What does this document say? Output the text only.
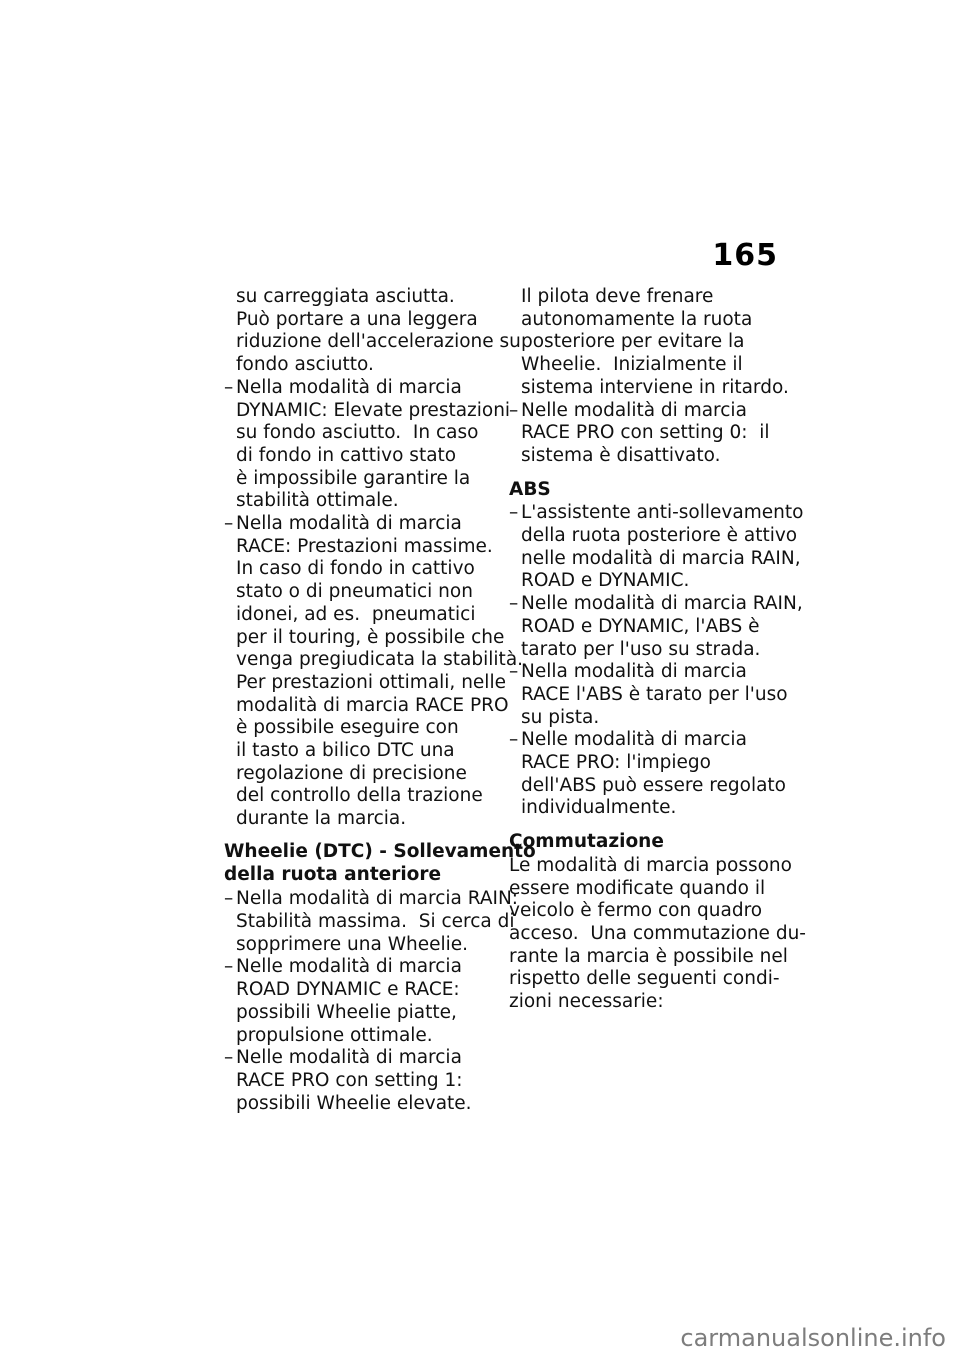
165
su carreggiata asciutta.
Può portare a una leggera
riduzione dell'accelerazione su
fondo asciutto.
– Nella modalità di marcia
DYNAMIC: Elevate prestazioni
su fondo asciutto.  In caso
di fondo in cattivo stato
è impossibile garantire la
stabilità ottimale.
– Nella modalità di marcia
RACE: Prestazioni massime.
In caso di fondo in cattivo
stato o di pneumatici non
idonei, ad es.  pneumatici
per il touring, è possibile che
venga pregiudicata la stabilità.
Per prestazioni ottimali, nelle
modalità di marcia RACE PRO
è possibile eseguire con
il tasto a bilico DTC una
regolazione di precisione
del controllo della trazione
durante la marcia.
Wheelie (DTC) - Sollevamento
della ruota anteriore
– Nella modalità di marcia RAIN:
Stabilità massima.  Si cerca di
sopprimere una Wheelie.
– Nelle modalità di marcia
ROAD DYNAMIC e RACE:
possibili Wheelie piatte,
propulsione ottimale.
– Nelle modalità di marcia
RACE PRO con setting 1:
possibili Wheelie elevate.
Il pilota deve frenare
autonomamente la ruota
posteriore per evitare la
Wheelie.  Inizialmente il
sistema interviene in ritardo.
– Nelle modalità di marcia
RACE PRO con setting 0:  il
sistema è disattivato.
ABS
– L'assistente anti-sollevamento
della ruota posteriore è attivo
nelle modalità di marcia RAIN,
ROAD e DYNAMIC.
– Nelle modalità di marcia RAIN,
ROAD e DYNAMIC, l'ABS è
tarato per l'uso su strada.
– Nella modalità di marcia
RACE l'ABS è tarato per l'uso
su pista.
– Nelle modalità di marcia
RACE PRO: l'impiego
dell'ABS può essere regolato
individualmente.
Commutazione
Le modalità di marcia possono
essere modificate quando il
veicolo è fermo con quadro
acceso.  Una commutazione du-
rante la marcia è possibile nel
rispetto delle seguenti condi-
zioni necessarie:
carmanualsonline.info
